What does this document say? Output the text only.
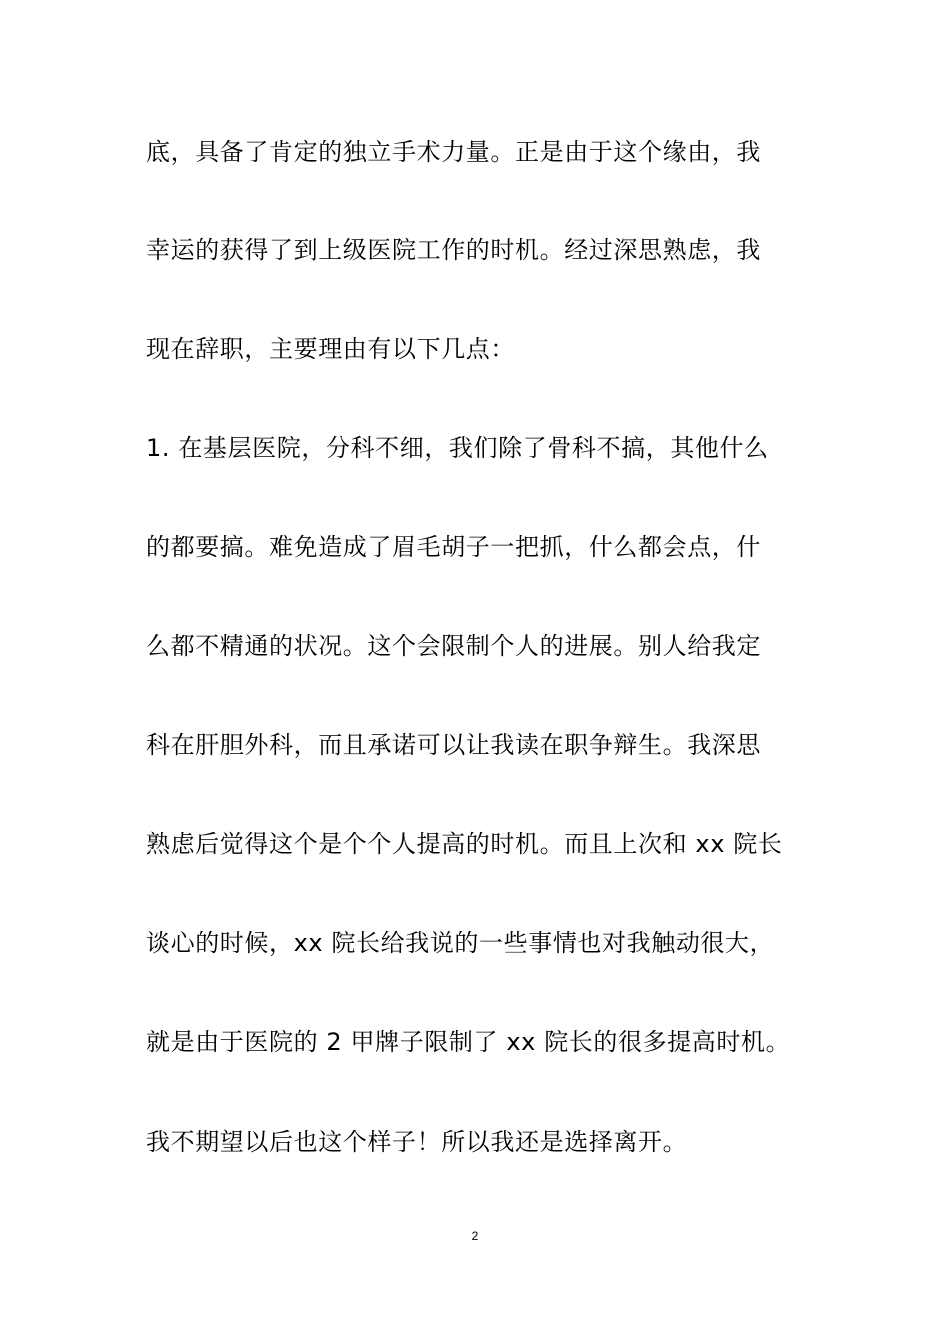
底，具备了肯定的独立手术力量。正是由于这个缘由，我
幸运的获得了到上级医院工作的时机。经过深思熟虑，我
现在辞职，主要理由有以下几点：
1. 在基层医院，分科不细，我们除了骨科不搞，其他什么
的都要搞。难免造成了眉毛胡子一把抓，什么都会点，什
么都不精通的状况。这个会限制个人的进展。别人给我定
科在肝胆外科，而且承诺可以让我读在职争辩生。我深思
熟虑后觉得这个是个个人提高的时机。而且上次和 xx 院长
谈心的时候，xx 院长给我说的一些事情也对我触动很大，
就是由于医院的 2 甲牌子限制了 xx 院长的很多提高时机。
我不期望以后也这个样子！所以我还是选择离开。
2
